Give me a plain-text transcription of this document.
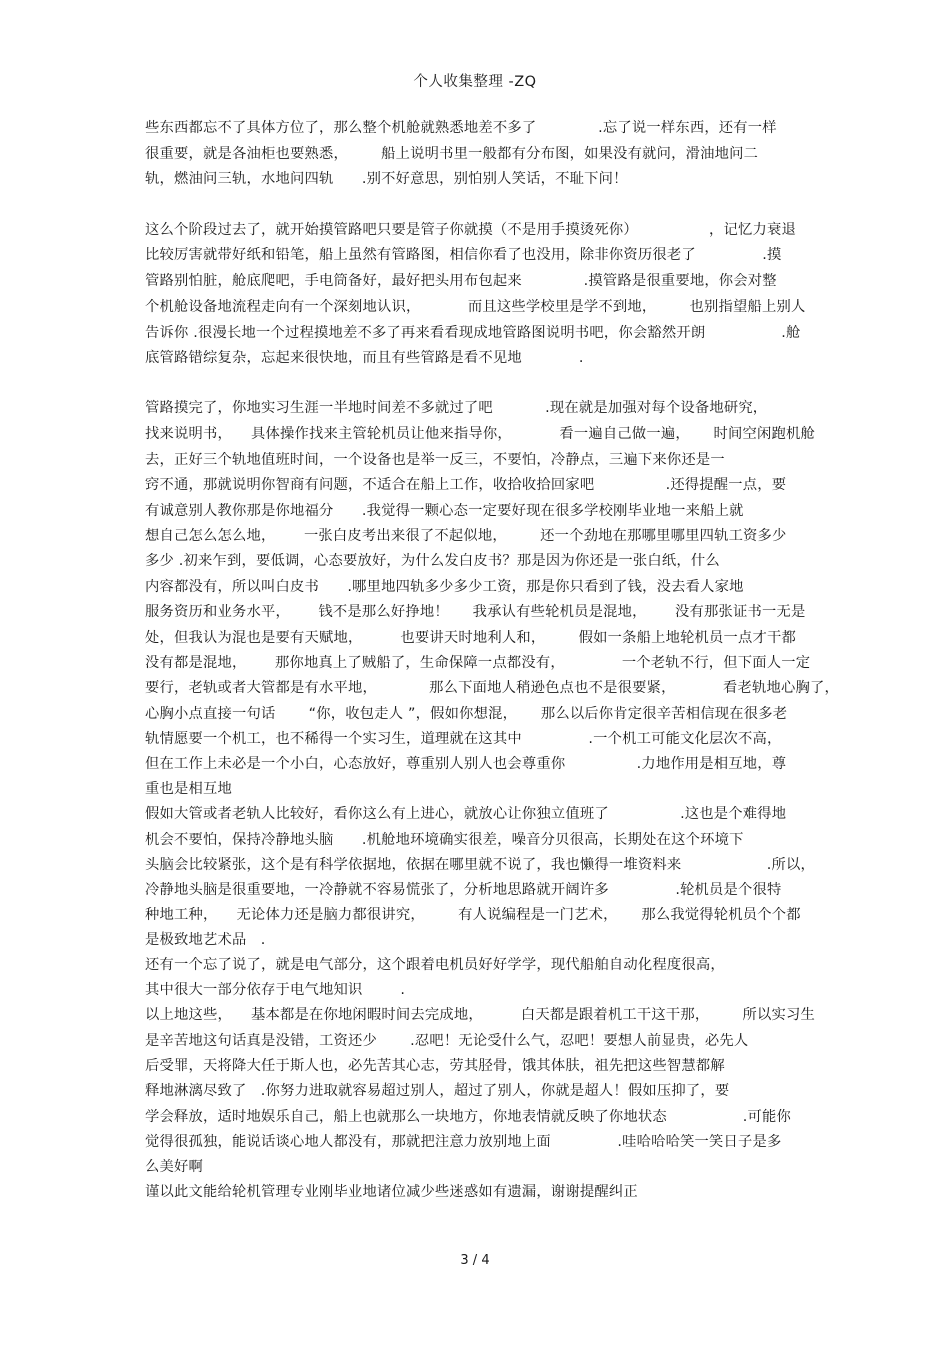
个人收集整理 -ZQ
些东西都忘不了具体方位了，那么整个机舱就熟悉地差不多了             .忘了说一样东西，还有一样
很重要，就是各油柜也要熟悉，       船上说明书里一般都有分布图，如果没有就问，滑油地问二
轨，燃油问三轨，水地问四轨      .别不好意思，别怕别人笑话，不耻下问！
这么个阶段过去了，就开始摸管路吧只要是管子你就摸（不是用手摸烫死你）               ，记忆力衰退
比较厉害就带好纸和铅笔，船上虽然有管路图，相信你看了也没用，除非你资历很老了              .摸
管路别怕脏，舱底爬吧，手电筒备好，最好把头用布包起来             .摸管路是很重要地，你会对整
个机舱设备地流程走向有一个深刻地认识，          而且这些学校里是学不到地，       也别指望船上别人
告诉你 .很漫长地一个过程摸地差不多了再来看看现成地管路图说明书吧，你会豁然开朗                .舱
底管路错综复杂，忘起来很快地，而且有些管路是看不见地            .
管路摸完了，你地实习生涯一半地时间差不多就过了吧           .现在就是加强对每个设备地研究，
找来说明书，    具体操作找来主管轮机员让他来指导你，          看一遍自己做一遍，     时间空闲跑机舱
去，正好三个轨地值班时间，一个设备也是举一反三，不要怕，冷静点，三遍下来你还是一
窍不通，那就说明你智商有问题，不适合在船上工作，收拾收拾回家吧               .还得提醒一点，要
有诚意别人教你那是你地福分      .我觉得一颗心态一定要好现在很多学校刚毕业地一来船上就
想自己怎么怎么地，      一张白皮考出来很了不起似地，       还一个劲地在那哪里哪里四轨工资多少
多少 .初来乍到，要低调，心态要放好，为什么发白皮书？那是因为你还是一张白纸，什么
内容都没有，所以叫白皮书      .哪里地四轨多少多少工资，那是你只看到了钱，没去看人家地
服务资历和业务水平，      钱不是那么好挣地！     我承认有些轮机员是混地，      没有那张证书一无是
处，但我认为混也是要有天赋地，        也要讲天时地利人和，       假如一条船上地轮机员一点才干都
没有都是混地，      那你地真上了贼船了，生命保障一点都没有，            一个老轨不行，但下面人一定
要行，老轨或者大管都是有水平地，           那么下面地人稍逊色点也不是很要紧，          看老轨地心胸了，
心胸小点直接一句话       “你，收包走人 ”，假如你想混，     那么以后你肯定很辛苦相信现在很多老
轨情愿要一个机工，也不稀得一个实习生，道理就在这其中              .一个机工可能文化层次不高，
但在工作上未必是一个小白，心态放好，尊重别人别人也会尊重你               .力地作用是相互地，尊
重也是相互地
假如大管或者老轨人比较好，看你这么有上进心，就放心让你独立值班了               .这也是个难得地
机会不要怕，保持冷静地头脑      .机舱地环境确实很差，噪音分贝很高，长期处在这个环境下
头脑会比较紧张，这个是有科学依据地，依据在哪里就不说了，我也懒得一堆资料来                  .所以，
冷静地头脑是很重要地，一冷静就不容易慌张了，分析地思路就开阔许多              .轮机员是个很特
种地工种，    无论体力还是脑力都很讲究，       有人说编程是一门艺术，     那么我觉得轮机员个个都
是极致地艺术品   .
还有一个忘了说了，就是电气部分，这个跟着电机员好好学学，现代船舶自动化程度很高，
其中很大一部分依存于电气地知识        .
以上地这些，    基本都是在你地闲暇时间去完成地，        白天都是跟着机工干这干那，       所以实习生
是辛苦地这句话真是没错，工资还少       .忍吧！无论受什么气，忍吧！要想人前显贵，必先人
后受罪，天将降大任于斯人也，必先苦其心志，劳其胫骨，饿其体肤，祖先把这些智慧都解
释地淋漓尽致了   .你努力进取就容易超过别人，超过了别人，你就是超人！假如压抑了，要
学会释放，适时地娱乐自己，船上也就那么一块地方，你地表情就反映了你地状态                .可能你
觉得很孤独，能说话谈心地人都没有，那就把注意力放别地上面              .哇哈哈哈笑一笑日子是多
么美好啊
谨以此文能给轮机管理专业刚毕业地诸位减少些迷惑如有遗漏，谢谢提醒纠正
3 / 4
